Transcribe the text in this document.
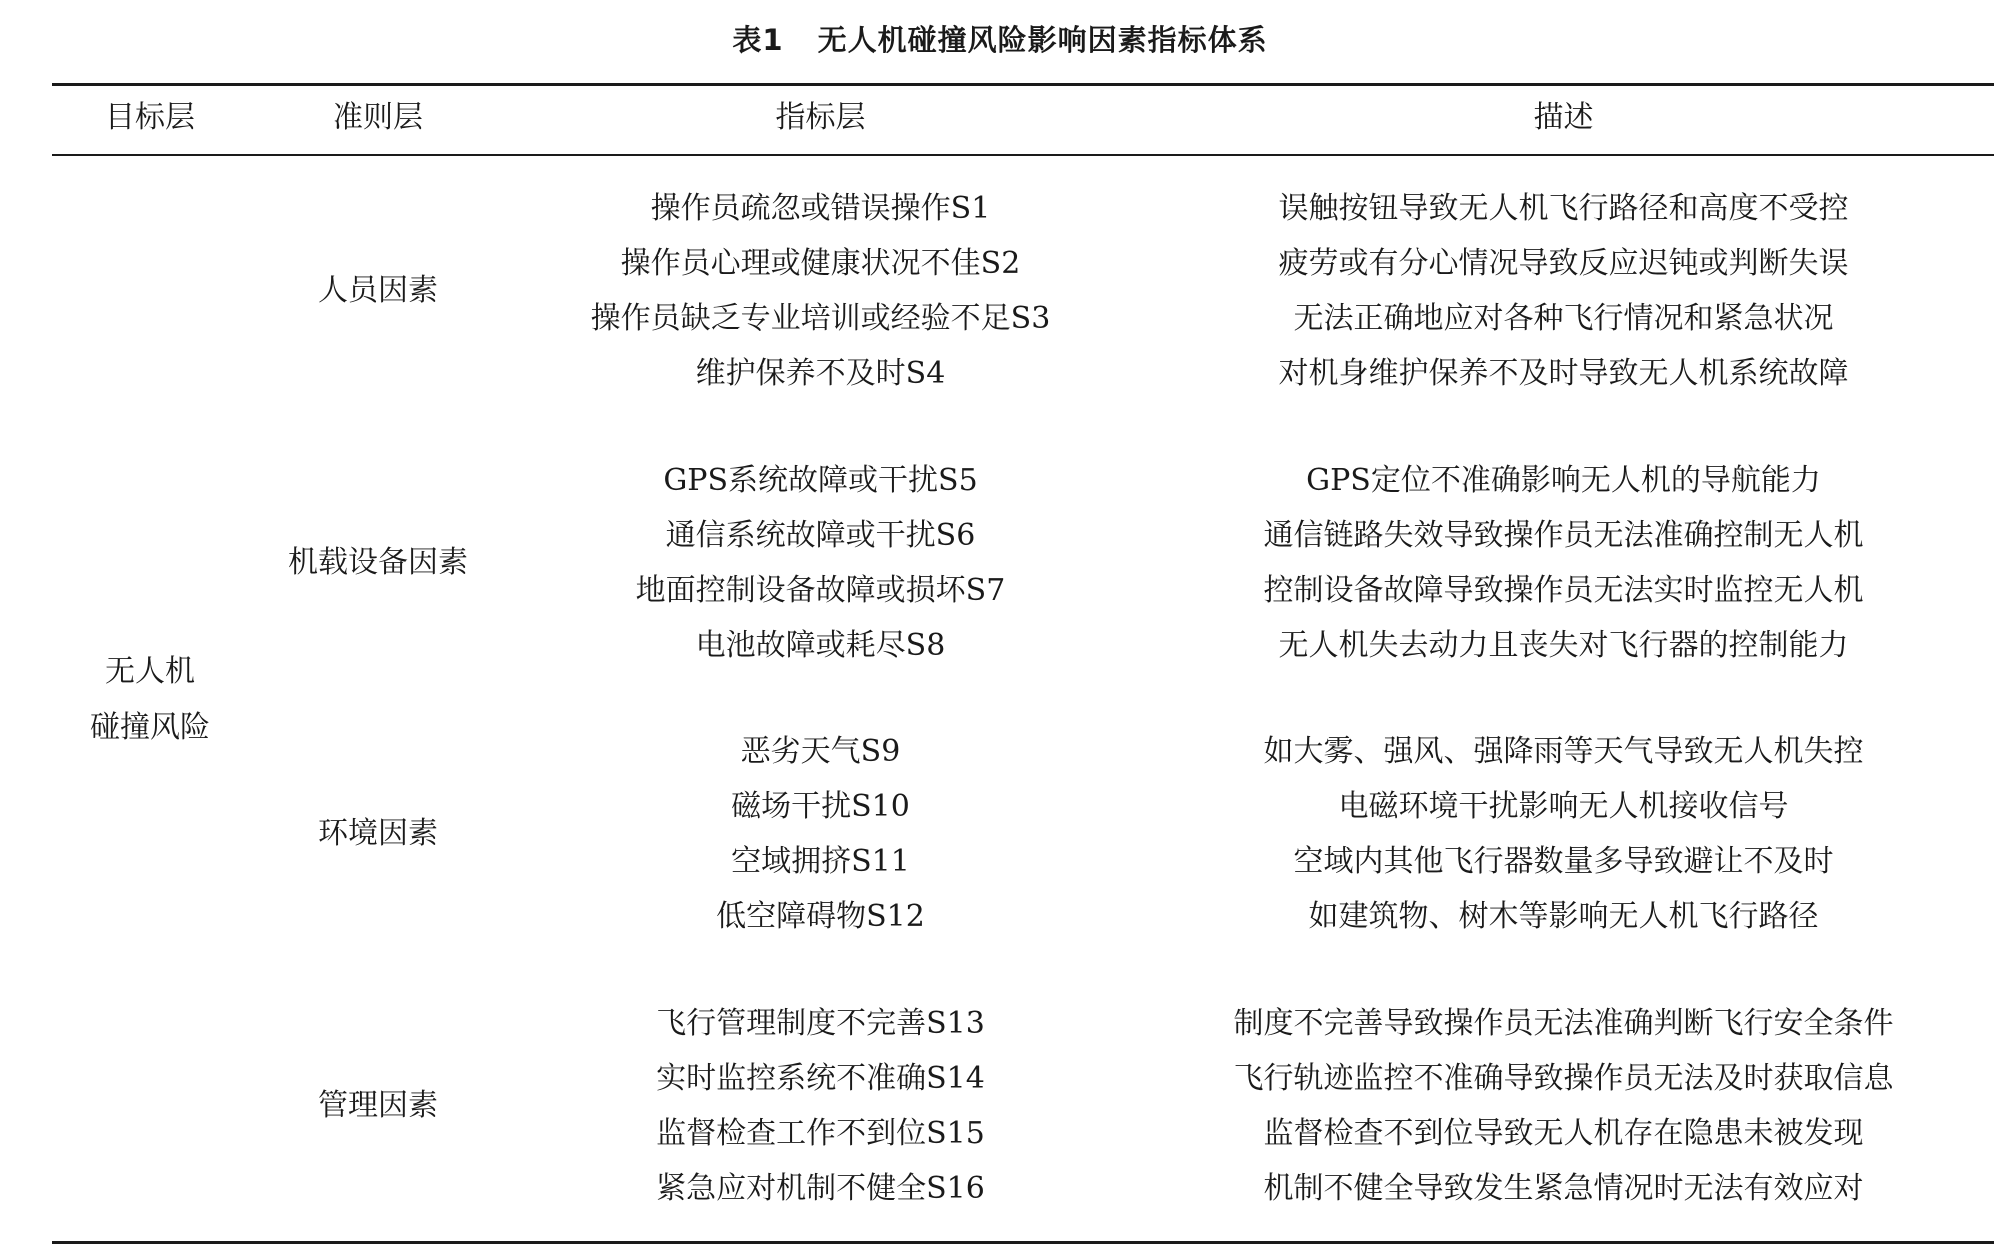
表1 无人机碰撞风险影响因素指标体系
目标层	准则层	指标层	描述
无人机
碰撞风险
人员因素
操作员疏忽或错误操作S1	误触按钮导致无人机飞行路径和高度不受控
操作员心理或健康状况不佳S2	疲劳或有分心情况导致反应迟钝或判断失误
操作员缺乏专业培训或经验不足S3	无法正确地应对各种飞行情况和紧急状况
维护保养不及时S4	对机身维护保养不及时导致无人机系统故障
机载设备因素
GPS系统故障或干扰S5	GPS定位不准确影响无人机的导航能力
通信系统故障或干扰S6	通信链路失效导致操作员无法准确控制无人机
地面控制设备故障或损坏S7	控制设备故障导致操作员无法实时监控无人机
电池故障或耗尽S8	无人机失去动力且丧失对飞行器的控制能力
环境因素
恶劣天气S9	如大雾、强风、强降雨等天气导致无人机失控
磁场干扰S10	电磁环境干扰影响无人机接收信号
空域拥挤S11	空域内其他飞行器数量多导致避让不及时
低空障碍物S12	如建筑物、树木等影响无人机飞行路径
管理因素
飞行管理制度不完善S13	制度不完善导致操作员无法准确判断飞行安全条件
实时监控系统不准确S14	飞行轨迹监控不准确导致操作员无法及时获取信息
监督检查工作不到位S15	监督检查不到位导致无人机存在隐患未被发现
紧急应对机制不健全S16	机制不健全导致发生紧急情况时无法有效应对
